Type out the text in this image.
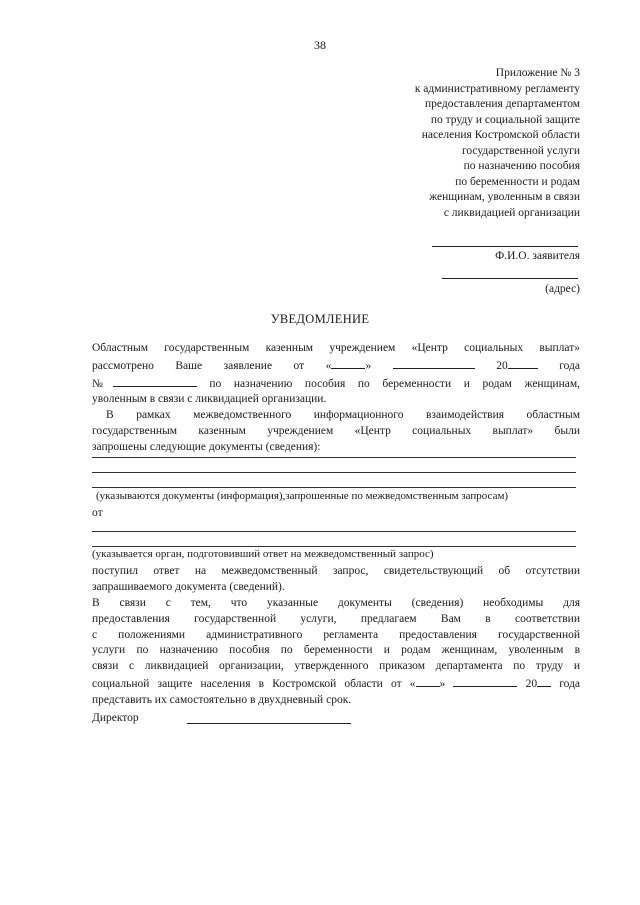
38
Приложение № 3
к административному регламенту
предоставления департаментом
по труду и социальной защите
населения Костромской области
государственной услуги
по назначению пособия
по беременности и родам
женщинам, уволенным в связи
с ликвидацией организации
Ф.И.О. заявителя
(адрес)
УВЕДОМЛЕНИЕ
Областным государственным казенным учреждением «Центр социальных выплат»
рассмотрено Ваше заявление от «	»	20	года
№	по назначению пособия по беременности и родам женщинам,
уволенным в связи с ликвидацией организации.
В рамках межведомственного информационного взаимодействия областным
государственным казенным учреждением «Центр социальных выплат» были
запрошены следующие документы (сведения):
(указываются документы (информация),запрошенные по межведомственным запросам)
от
(указывается орган, подготовивший ответ на межведомственный запрос)
поступил ответ на межведомственный запрос, свидетельствующий об отсутствии
запрашиваемого документа (сведений).
В связи с тем, что указанные документы (сведения) необходимы для
предоставления государственной услуги, предлагаем Вам в соответствии
с положениями административного регламента предоставления государственной
услуги по назначению пособия по беременности и родам женщинам, уволенным в
связи с ликвидацией организации, утвержденного приказом департамента по труду и
социальной защите населения в Костромской области от « »	20 года
представить их самостоятельно в двухдневный срок.
Директор
